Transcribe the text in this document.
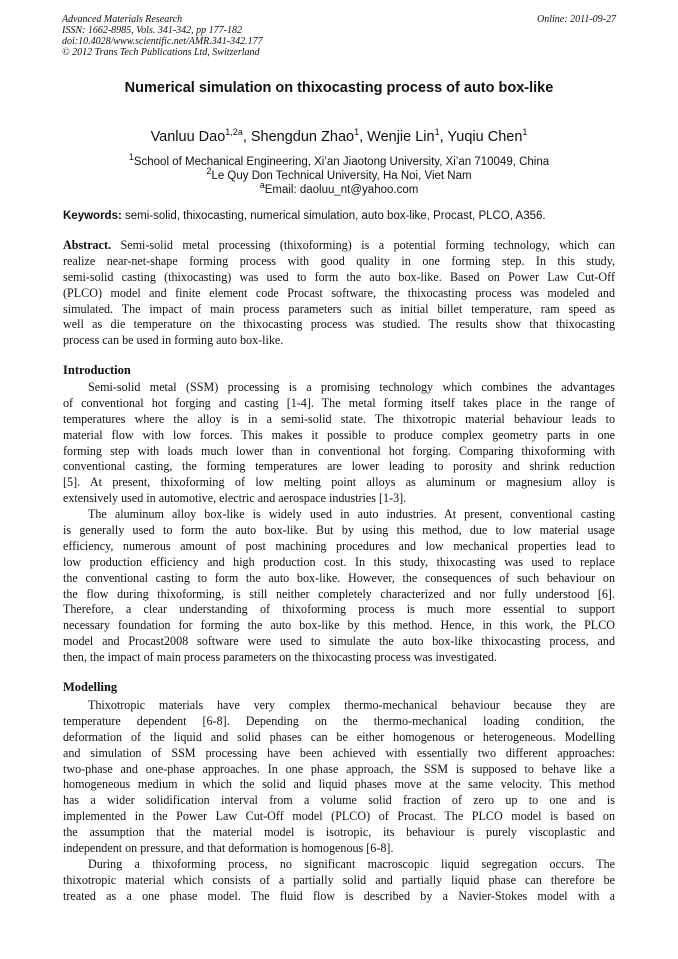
Advanced Materials Research
ISSN: 1662-8985, Vols. 341-342, pp 177-182
doi:10.4028/www.scientific.net/AMR.341-342.177
© 2012 Trans Tech Publications Ltd, Switzerland
Online: 2011-09-27
Numerical simulation on thixocasting process of auto box-like
Vanluu Dao$^{1,2a}$, Shengdun Zhao$^1$, Wenjie Lin$^1$, Yuqiu Chen$^1$
$^1$School of Mechanical Engineering, Xi’an Jiaotong University, Xi’an 710049, China
$^2$Le Quy Don Technical University, Ha Noi, Viet Nam
$^a$Email: daoluu_nt@yahoo.com
Keywords: semi-solid, thixocasting, numerical simulation, auto box-like, Procast, PLCO, A356.
Abstract. Semi-solid metal processing (thixoforming) is a potential forming technology, which can
realize near-net-shape forming process with good quality in one forming step. In this study,
semi-solid casting (thixocasting) was used to form the auto box-like. Based on Power Law Cut-Off
(PLCO) model and finite element code Procast software, the thixocasting process was modeled and
simulated. The impact of main process parameters such as initial billet temperature, ram speed as
well as die temperature on the thixocasting process was studied. The results show that thixocasting
process can be used in forming auto box-like.
Introduction
Semi-solid metal (SSM) processing is a promising technology which combines the advantages
of conventional hot forging and casting [1-4]. The metal forming itself takes place in the range of
temperatures where the alloy is in a semi-solid state. The thixotropic material behaviour leads to
material flow with low forces. This makes it possible to produce complex geometry parts in one
forming step with loads much lower than in conventional hot forging. Comparing thixoforming with
conventional casting, the forming temperatures are lower leading to porosity and shrink reduction
[5]. At present, thixoforming of low melting point alloys as aluminum or magnesium alloy is
extensively used in automotive, electric and aerospace industries [1-3].
The aluminum alloy box-like is widely used in auto industries. At present, conventional casting
is generally used to form the auto box-like. But by using this method, due to low material usage
efficiency, numerous amount of post machining procedures and low mechanical properties lead to
low production efficiency and high production cost. In this study, thixocasting was used to replace
the conventional casting to form the auto box-like. However, the consequences of such behaviour on
the flow during thixoforming, is still neither completely characterized and nor fully understood [6].
Therefore, a clear understanding of thixoforming process is much more essential to support
necessary foundation for forming the auto box-like by this method. Hence, in this work, the PLCO
model and Procast2008 software were used to simulate the auto box-like thixocasting process, and
then, the impact of main process parameters on the thixocasting process was investigated.
Modelling
Thixotropic materials have very complex thermo-mechanical behaviour because they are
temperature dependent [6-8]. Depending on the thermo-mechanical loading condition, the
deformation of the liquid and solid phases can be either homogenous or heterogeneous. Modelling
and simulation of SSM processing have been achieved with essentially two different approaches:
two-phase and one-phase approaches. In one phase approach, the SSM is supposed to behave like a
homogeneous medium in which the solid and liquid phases move at the same velocity. This method
has a wider solidification interval from a volume solid fraction of zero up to one and is
implemented in the Power Law Cut-Off model (PLCO) of Procast. The PLCO model is based on
the assumption that the material model is isotropic, its behaviour is purely viscoplastic and
independent on pressure, and that deformation is homogenous [6-8].
During a thixoforming process, no significant macroscopic liquid segregation occurs. The
thixotropic material which consists of a partially solid and partially liquid phase can therefore be
treated as a one phase model. The fluid flow is described by a Navier-Stokes model with a
